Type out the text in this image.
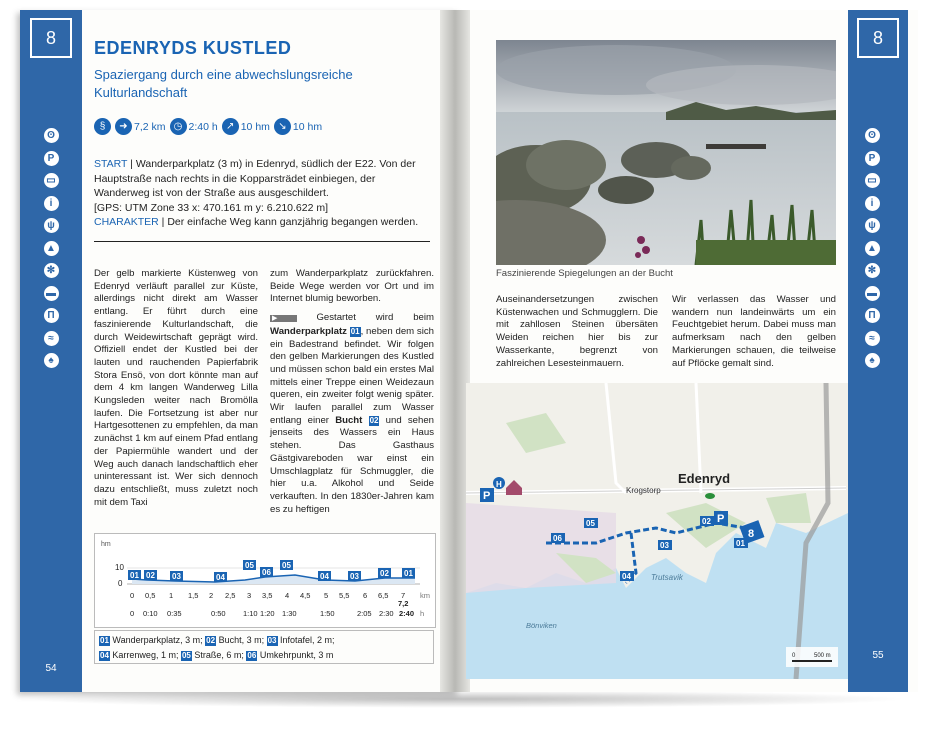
8
ʘ
P
▭
i
ψ
▲
✻
▬
Π
≈
♠
54
EDENRYDS KUSTLED
Spaziergang durch eine abwechslungsreiche Kulturlandschaft
§	➜ 7,2 km ◷ 2:40 h ↗ 10 hm ↘ 10 hm
START | Wanderparkplatz (3 m) in Edenryd, südlich der E22. Von der Hauptstraße nach rechts in die Kopparsträdet einbiegen, der Wanderweg ist von der Straße aus ausgeschildert.
[GPS: UTM Zone 33 x: 470.161 m y: 6.210.622 m]
CHARAKTER | Der einfache Weg kann ganzjährig begangen werden.
Der gelb markierte Küstenweg von Edenryd verläuft parallel zur Küste, allerdings nicht direkt am Wasser entlang. Er führt durch eine faszinierende Kulturlandschaft, die durch Weidewirtschaft geprägt wird. Offiziell endet der Kustled bei der lauten und rauchenden Papierfabrik Stora Ensö, von dort könnte man auf dem 4 km langen Wanderweg Lilla Kungsleden weiter nach Bromölla laufen. Die Fortsetzung ist aber nur Hartgesottenen zu empfehlen, da man zunächst 1 km auf einem Pfad entlang der Papiermühle wandert und der Weg auch danach landschaftlich eher uninteressant ist. Wer sich dennoch dazu entschließt, muss zuletzt noch mit dem Taxi
zum Wanderparkplatz zurückfahren. Beide Wege werden vor Ort und im Internet blumig beworben.
▶ Gestartet wird beim Wanderparkplatz 01, neben dem sich ein Badestrand befindet. Wir folgen den gelben Markierungen des Kustled und müssen schon bald ein erstes Mal mittels einer Treppe einen Weidezaun queren, ein zweiter folgt wenig später. Wir laufen parallel zum Wasser entlang einer Bucht 02 und sehen jenseits des Wassers ein Haus stehen. Das Gasthaus Gästgivareboden war einst ein Umschlagplatz für Schmuggler, die hier u.a. Alkohol und Seide verkauften. In den 1830er-Jahren kam es zu heftigen
hm
10
0
01 02 03	04
05
06
05
04	03	02 01
0 0,5 1 1,5 2 2,5 3 3,5 4 4,5 5 5,5 6 6,5 7
7,2
km
0 0:10 0:35	0:50 1:10 1:20 1:30	1:50	2:05 2:30 2:40 h
01 Wanderparkplatz, 3 m; 02 Bucht, 3 m; 03 Infotafel, 2 m;
04 Karrenweg, 1 m; 05 Straße, 6 m; 06 Umkehrpunkt, 3 m
8
ʘ
P
▭
i
ψ
▲
✻
▬
Π
≈
♠
55
Faszinierende Spiegelungen an der Bucht
Auseinandersetzungen zwischen Küstenwachen und Schmugglern. Die mit zahllosen Steinen übersäten Weiden reichen hier bis zur Wasserkante, begrenzt von zahlreichen Lesesteinmauern.
Wir verlassen das Wasser und wandern nun landeinwärts um ein Feuchtgebiet herum. Dabei muss man aufmerksam nach den gelben Markierungen schauen, die teilweise auf Pflöcke gemalt sind.
01
02
03
04
05
06	8
P
P
H	Edenryd
Krogstorp
Trutsavik
Bönviken
0	500 m
